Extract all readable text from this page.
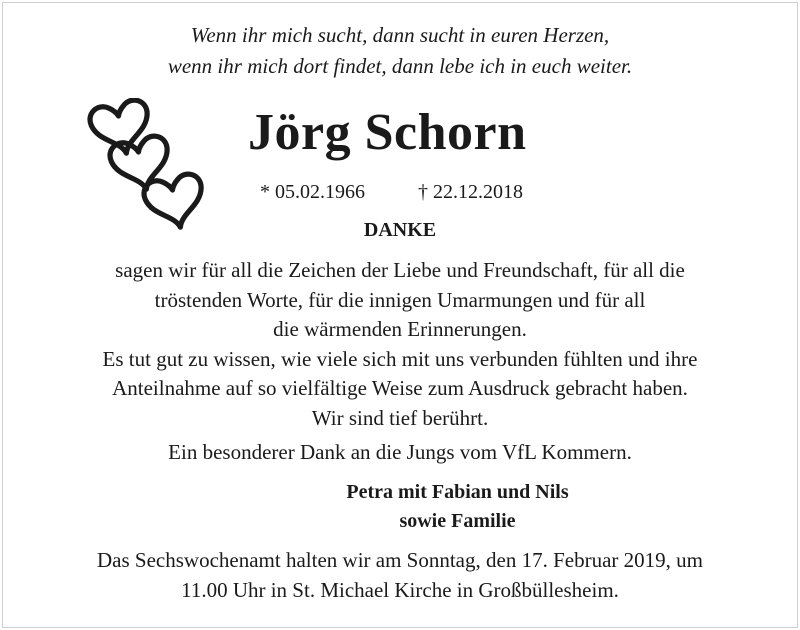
Wenn ihr mich sucht, dann sucht in euren Herzen,
wenn ihr mich dort findet, dann lebe ich in euch weiter.
Jörg Schorn
* 05.02.1966	† 22.12.2018
DANKE
sagen wir für all die Zeichen der Liebe und Freundschaft, für all die
tröstenden Worte, für die innigen Umarmungen und für all
die wärmenden Erinnerungen.
Es tut gut zu wissen, wie viele sich mit uns verbunden fühlten und ihre
Anteilnahme auf so vielfältige Weise zum Ausdruck gebracht haben.
Wir sind tief berührt.
Ein besonderer Dank an die Jungs vom VfL Kommern.
Petra mit Fabian und Nils
sowie Familie
Das Sechswochenamt halten wir am Sonntag, den 17. Februar 2019, um
11.00 Uhr in St. Michael Kirche in Großbüllesheim.
